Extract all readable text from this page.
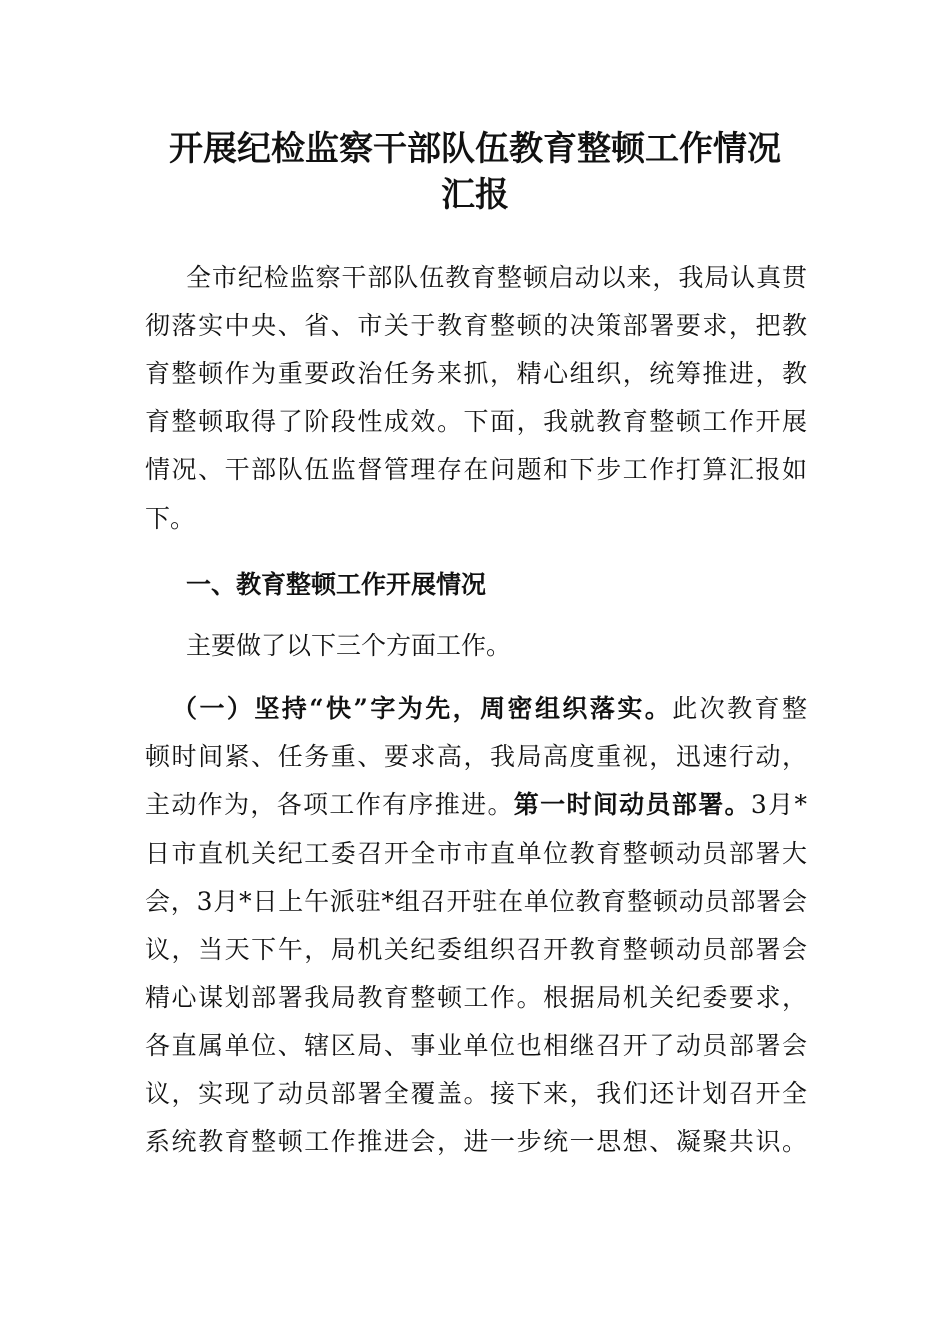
开展纪检监察干部队伍教育整顿工作情况
汇报

全市纪检监察干部队伍教育整顿启动以来，我局认真贯

彻落实中央、省、市关于教育整顿的决策部署要求，把教

育整顿作为重要政治任务来抓，精心组织，统筹推进，教

育整顿取得了阶段性成效。下面，我就教育整顿工作开展

情况、干部队伍监督管理存在问题和下步工作打算汇报如

下。

一、教育整顿工作开展情况

主要做了以下三个方面工作。

（一）坚持“快”字为先，周密组织落实。此次教育整

顿时间紧、任务重、要求高，我局高度重视，迅速行动，

主动作为，各项工作有序推进。第一时间动员部署。3月*

日市直机关纪工委召开全市市直单位教育整顿动员部署大

会，3月*日上午派驻*组召开驻在单位教育整顿动员部署会

议，当天下午，局机关纪委组织召开教育整顿动员部署会

精心谋划部署我局教育整顿工作。根据局机关纪委要求，

各直属单位、辖区局、事业单位也相继召开了动员部署会

议，实现了动员部署全覆盖。接下来，我们还计划召开全

系统教育整顿工作推进会，进一步统一思想、凝聚共识。
